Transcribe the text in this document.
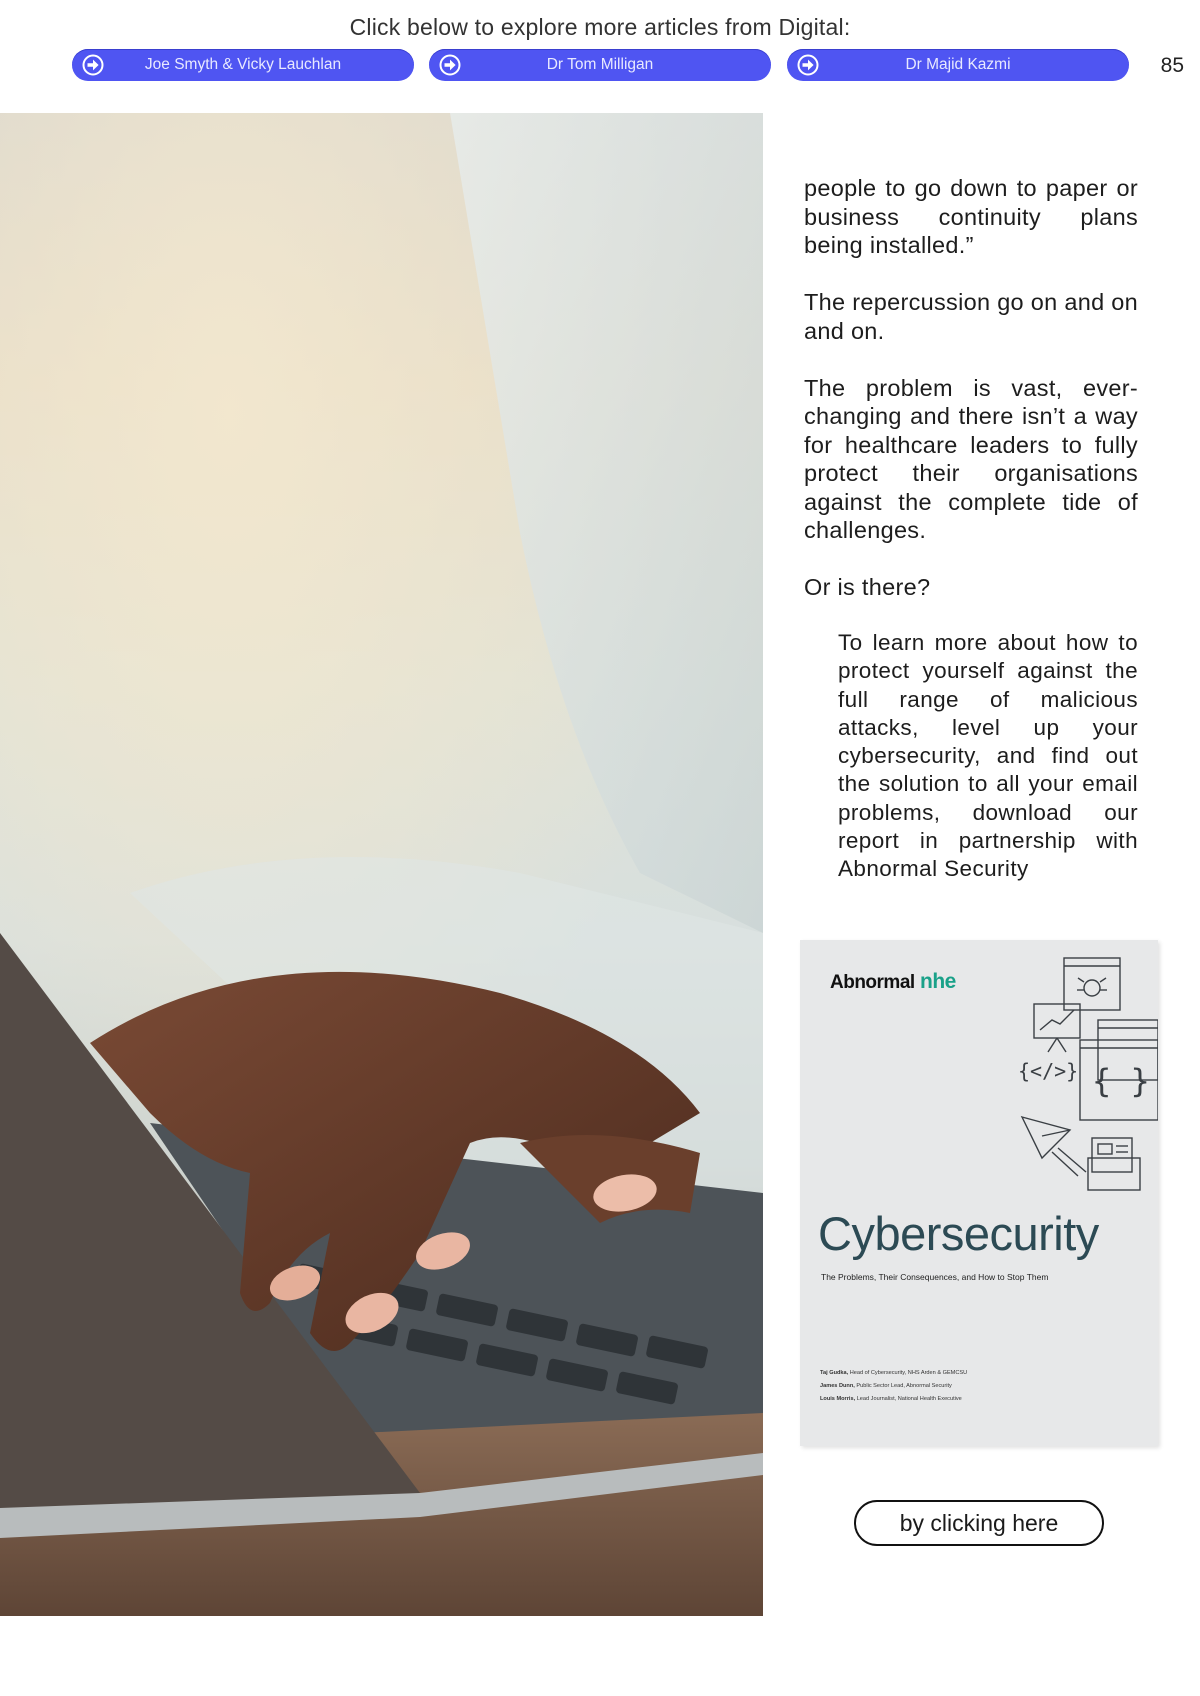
Click below to explore more articles from Digital:
Joe Smyth & Vicky Lauchlan	Dr Tom Milligan	Dr Majid Kazmi	85

people to go down to paper or business continuity plans being installed.”

The repercussion go on and on and on.

The problem is vast, ever-changing and there isn’t a way for healthcare leaders to fully protect their organisations against the complete tide of challenges.

Or is there?

To learn more about how to protect yourself against the full range of malicious attacks, level up your cybersecurity, and find out the solution to all your email problems, download our report in partnership with Abnormal Security
Abnormal nhe
{ }
{</>}
Cybersecurity
The Problems, Their Consequences, and How to Stop Them
Taj Gudka, Head of Cybersecurity, NHS Arden & GEMCSU
James Dunn, Public Sector Lead, Abnormal Security
Louis Morris, Lead Journalist, National Health Executive
by clicking here
